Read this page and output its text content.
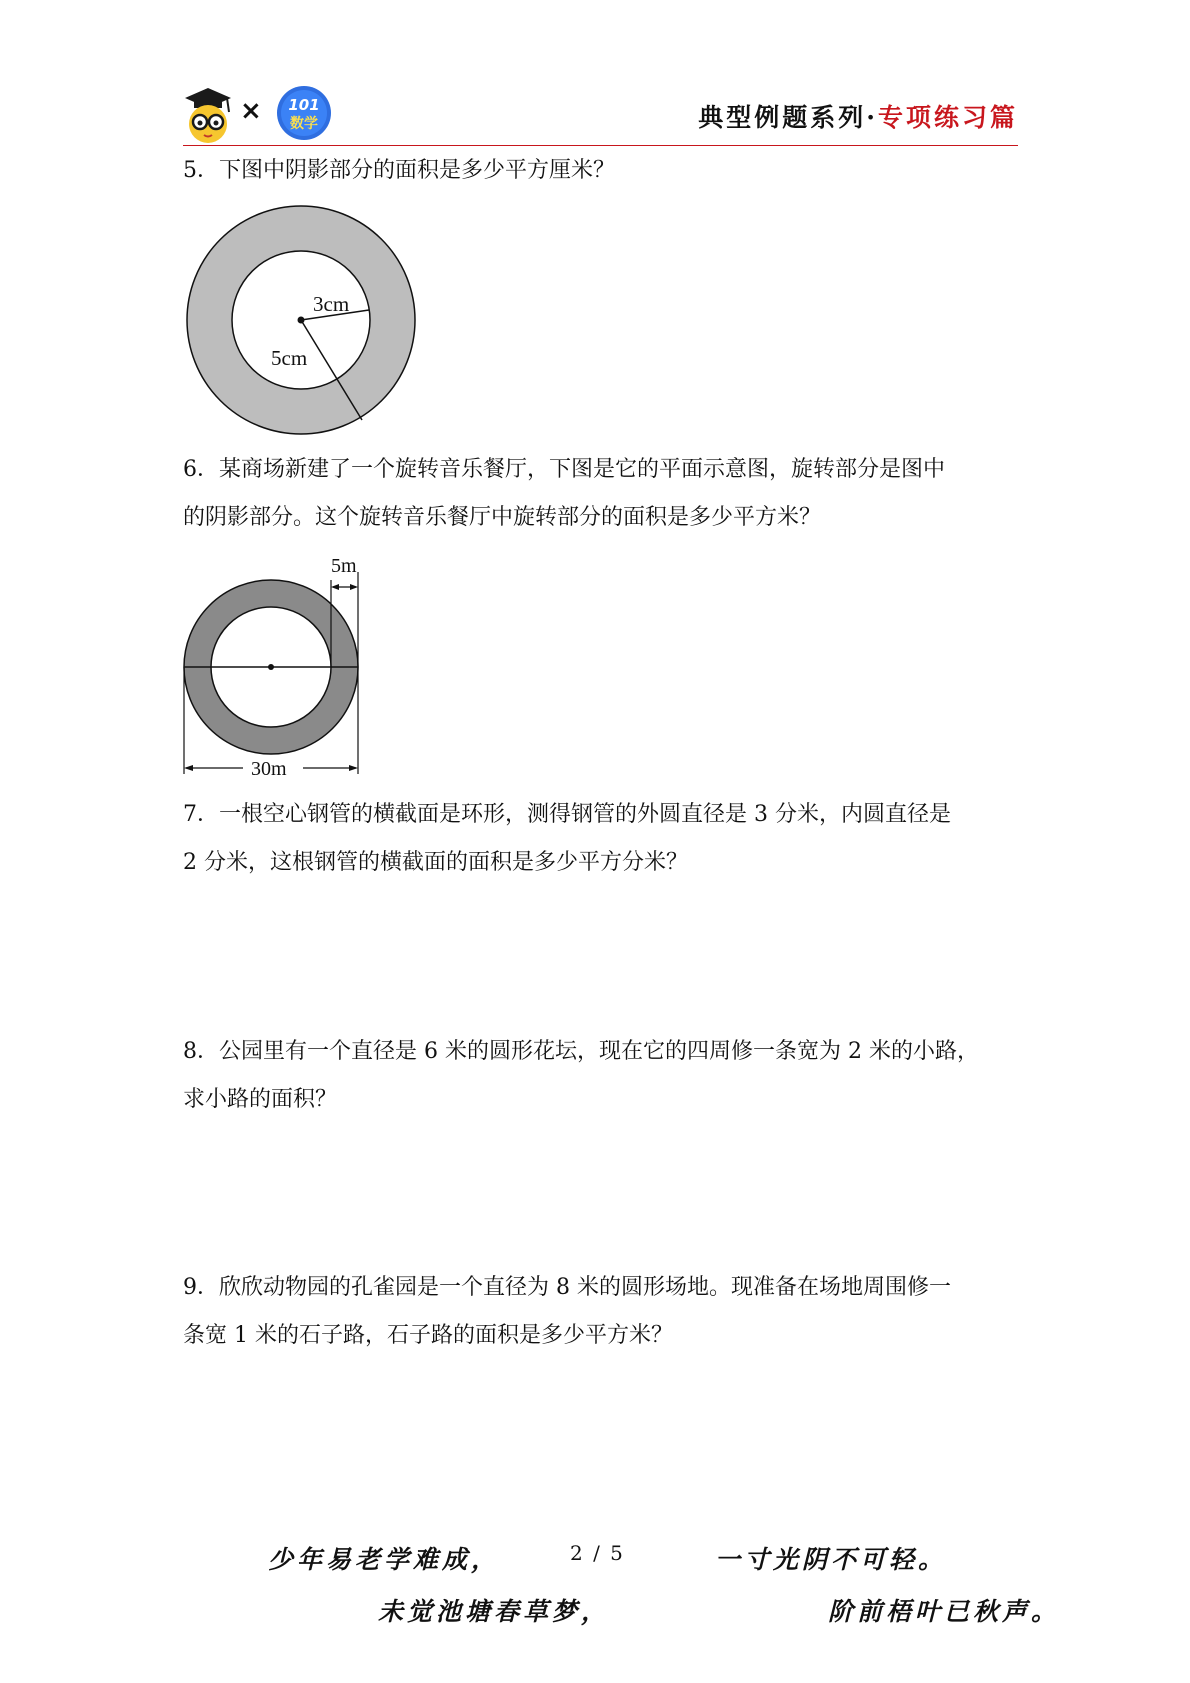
× 101
数学	典型例题系列·专项练习篇
5．下图中阴影部分的面积是多少平方厘米？
3cm
5cm
6．某商场新建了一个旋转音乐餐厅，下图是它的平面示意图，旋转部分是图中
的阴影部分。这个旋转音乐餐厅中旋转部分的面积是多少平方米？
5m
30m
7．一根空心钢管的横截面是环形，测得钢管的外圆直径是 3 分米，内圆直径是
2 分米，这根钢管的横截面的面积是多少平方分米？
8．公园里有一个直径是 6 米的圆形花坛，现在它的四周修一条宽为 2 米的小路，
求小路的面积？
9．欣欣动物园的孔雀园是一个直径为 8 米的圆形场地。现准备在场地周围修一
条宽 1 米的石子路，石子路的面积是多少平方米？
少年易老学难成，	2 / 5	一寸光阴不可轻。
未觉池塘春草梦，	阶前梧叶已秋声。
